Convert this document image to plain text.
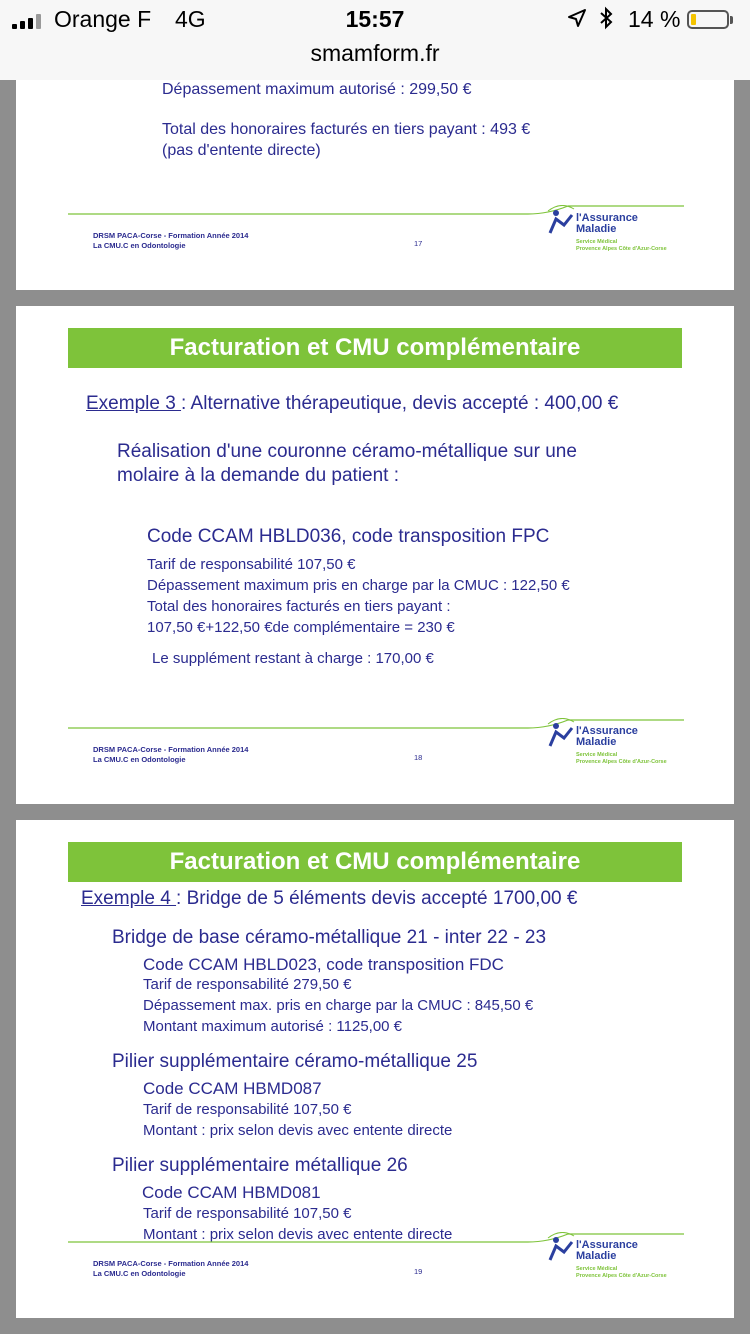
Orange F 4G	15:57	14 %
smamform.fr
Dépassement maximum autorisé : 299,50 €
Total des honoraires facturés en tiers payant : 493 €
(pas d'entente directe)
DRSM PACA-Corse - Formation Année 2014
La CMU.C en Odontologie	17
l'Assurance
Maladie
Service Médical
Provence Alpes Côte d'Azur-Corse
Facturation et CMU complémentaire
Exemple 3 : Alternative thérapeutique, devis accepté : 400,00 €
Réalisation d'une couronne céramo-métallique sur une
molaire à la demande du patient :
Code CCAM HBLD036, code transposition FPC
Tarif de responsabilité 107,50 €
Dépassement maximum pris en charge par la CMUC : 122,50 €
Total des honoraires facturés en tiers payant :
107,50 €+122,50 €de complémentaire = 230 €
Le supplément restant à charge : 170,00 €
DRSM PACA-Corse - Formation Année 2014
La CMU.C en Odontologie	18
l'Assurance
Maladie
Service Médical
Provence Alpes Côte d'Azur-Corse
Facturation et CMU complémentaire
Exemple 4 : Bridge de 5 éléments devis accepté 1700,00 €
Bridge de base céramo-métallique 21 - inter 22 - 23
Code CCAM HBLD023, code transposition FDC
Tarif de responsabilité 279,50 €
Dépassement max. pris en charge par la CMUC : 845,50 €
Montant maximum autorisé : 1125,00 €
Pilier supplémentaire céramo-métallique 25
Code CCAM HBMD087
Tarif de responsabilité 107,50 €
Montant : prix selon devis avec entente directe
Pilier supplémentaire métallique 26
Code CCAM HBMD081
Tarif de responsabilité 107,50 €
Montant : prix selon devis avec entente directe
DRSM PACA-Corse - Formation Année 2014
La CMU.C en Odontologie	19
l'Assurance
Maladie
Service Médical
Provence Alpes Côte d'Azur-Corse
